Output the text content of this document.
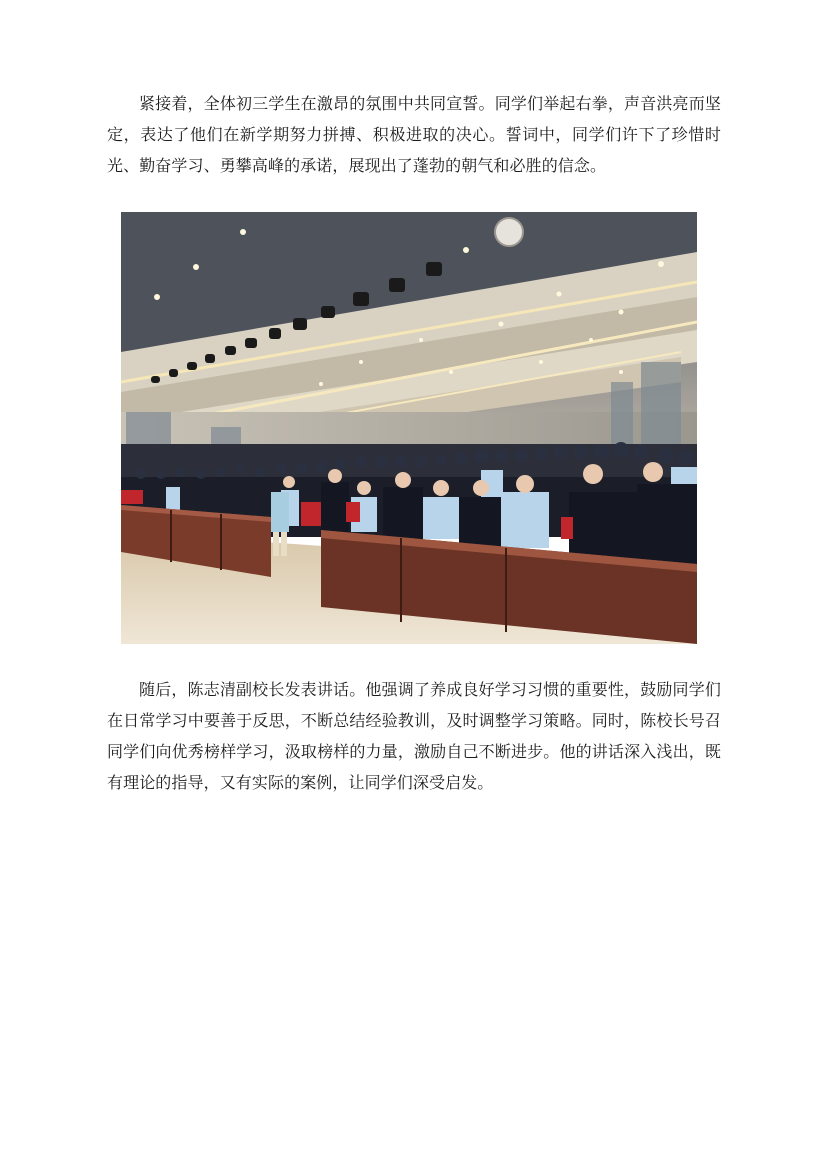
紧接着，全体初三学生在激昂的氛围中共同宣誓。同学们举起右拳，声音洪亮而坚定，表达了他们在新学期努力拼搏、积极进取的决心。誓词中，同学们许下了珍惜时光、勤奋学习、勇攀高峰的承诺，展现出了蓬勃的朝气和必胜的信念。

随后，陈志清副校长发表讲话。他强调了养成良好学习习惯的重要性，鼓励同学们在日常学习中要善于反思，不断总结经验教训，及时调整学习策略。同时，陈校长号召同学们向优秀榜样学习，汲取榜样的力量，激励自己不断进步。他的讲话深入浅出，既有理论的指导，又有实际的案例，让同学们深受启发。
